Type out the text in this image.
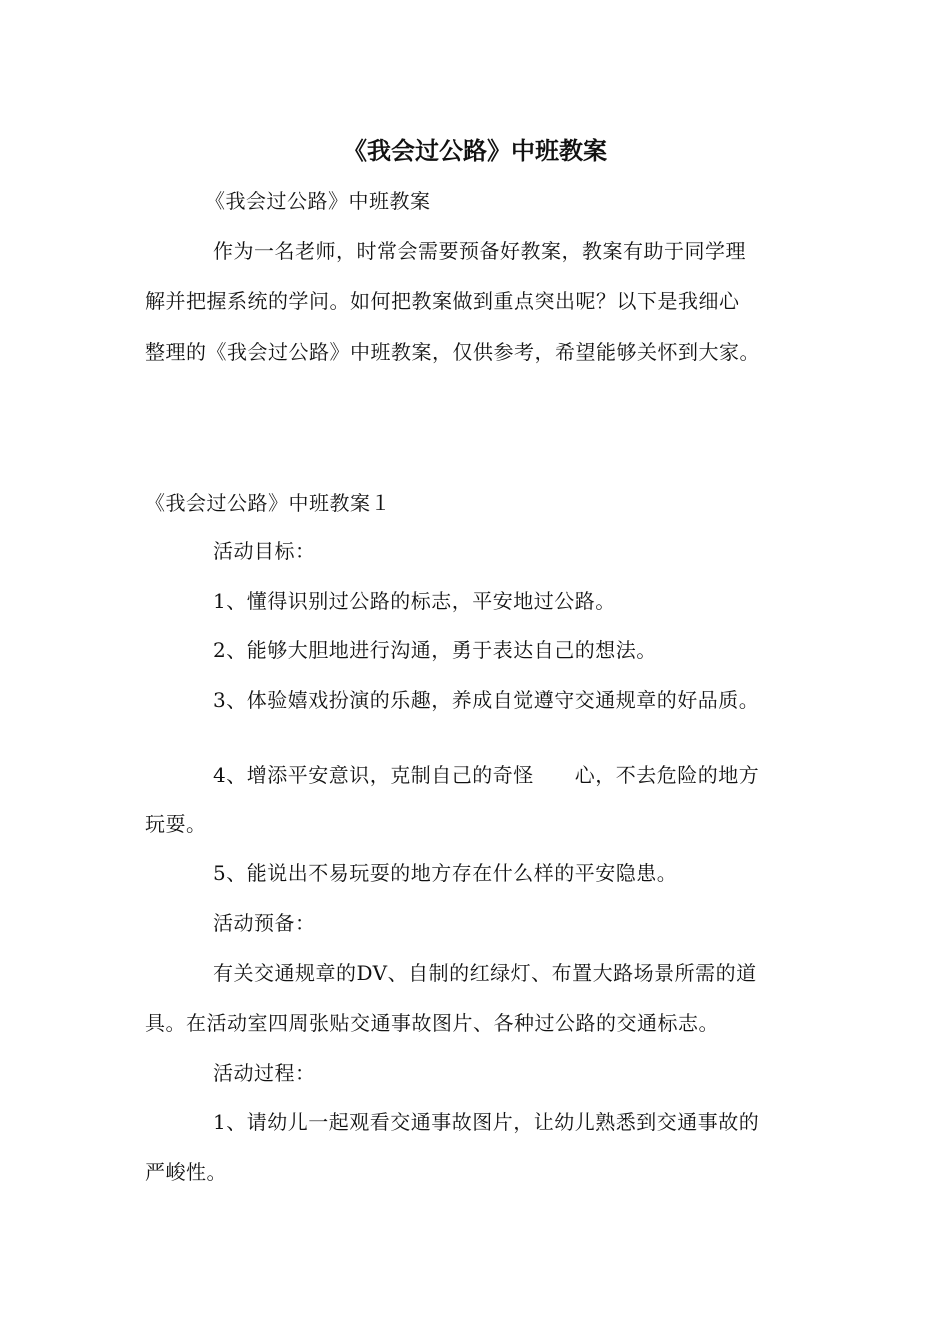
《我会过公路》中班教案
《我会过公路》中班教案
作为一名老师，时常会需要预备好教案，教案有助于同学理
解并把握系统的学问。如何把教案做到重点突出呢？以下是我细心
整理的《我会过公路》中班教案，仅供参考，希望能够关怀到大家。
《我会过公路》中班教案１
活动目标：
1、懂得识别过公路的标志，平安地过公路。
2、能够大胆地进行沟通，勇于表达自己的想法。
3、体验嬉戏扮演的乐趣，养成自觉遵守交通规章的好品质。
4、增添平安意识，克制自己的奇怪　　心，不去危险的地方
玩耍。
5、能说出不易玩耍的地方存在什么样的平安隐患。
活动预备：
有关交通规章的DV、自制的红绿灯、布置大路场景所需的道
具。在活动室四周张贴交通事故图片、各种过公路的交通标志。
活动过程：
1、请幼儿一起观看交通事故图片，让幼儿熟悉到交通事故的
严峻性。
